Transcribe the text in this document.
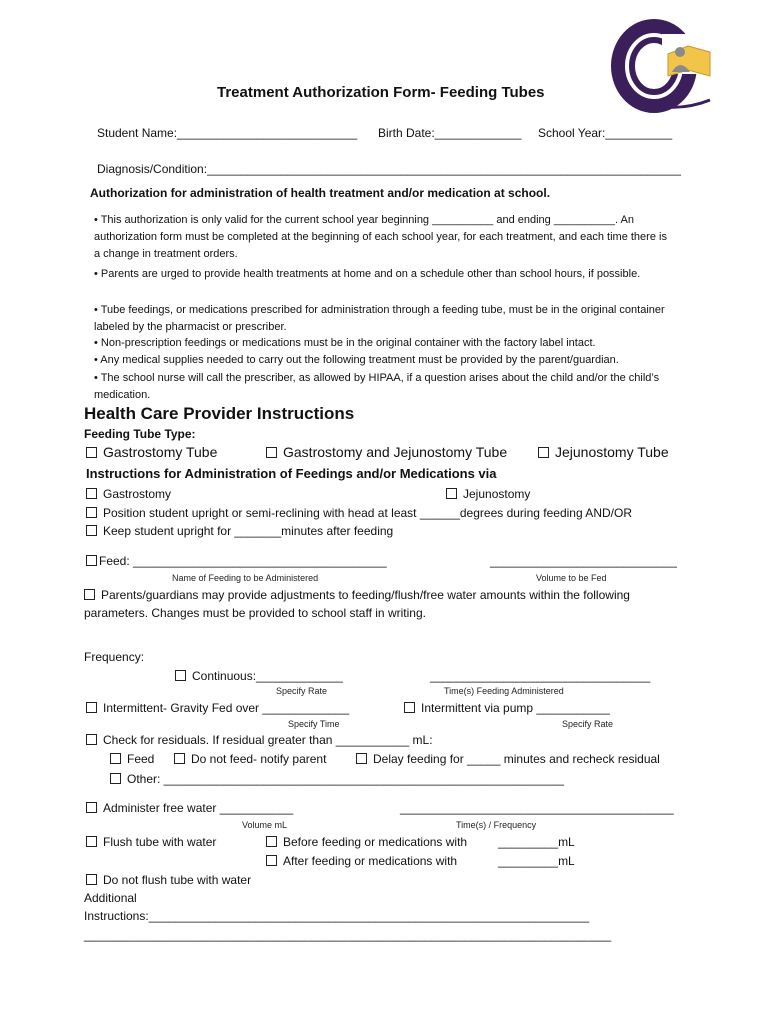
Treatment Authorization Form- Feeding Tubes
Student Name:___________________________ Birth Date:_____________ School Year:__________
Diagnosis/Condition:_______________________________________________________________________
Authorization for administration of health treatment and/or medication at school.
• This authorization is only valid for the current school year beginning __________ and ending __________. An authorization form must be completed at the beginning of each school year, for each treatment, and each time there is a change in treatment orders.
• Parents are urged to provide health treatments at home and on a schedule other than school hours, if possible.
• Tube feedings, or medications prescribed for administration through a feeding tube, must be in the original container labeled by the pharmacist or prescriber.
• Non-prescription feedings or medications must be in the original container with the factory label intact.
• Any medical supplies needed to carry out the following treatment must be provided by the parent/guardian.
• The school nurse will call the prescriber, as allowed by HIPAA, if a question arises about the child and/or the child’s medication.
Health Care Provider Instructions
Feeding Tube Type:
Gastrostomy Tube	Gastrostomy and Jejunostomy Tube	Jejunostomy Tube
Instructions for Administration of Feedings and/or Medications via
Gastrostomy	Jejunostomy
Position student upright or semi-reclining with head at least ______degrees during feeding AND/OR
Keep student upright for _______minutes after feeding
Feed: ______________________________________	____________________________
Name of Feeding to be Administered	Volume to be Fed
Parents/guardians may provide adjustments to feeding/flush/free water amounts within the following parameters. Changes must be provided to school staff in writing.
Frequency:
Continuous:_____________	_________________________________
Specify Rate	Time(s) Feeding Administered
Intermittent- Gravity Fed over _____________	Intermittent via pump ___________
Specify Time	Specify Rate
Check for residuals. If residual greater than ___________ mL:
Feed	Do not feed- notify parent	Delay feeding for _____ minutes and recheck residual
Other: ____________________________________________________________
Administer free water ___________	_________________________________________
Volume mL	Time(s) / Frequency
Flush tube with water	Before feeding or medications with	_________mL
After feeding or medications with	_________mL
Do not flush tube with water
Additional
Instructions:__________________________________________________________________
_______________________________________________________________________________
